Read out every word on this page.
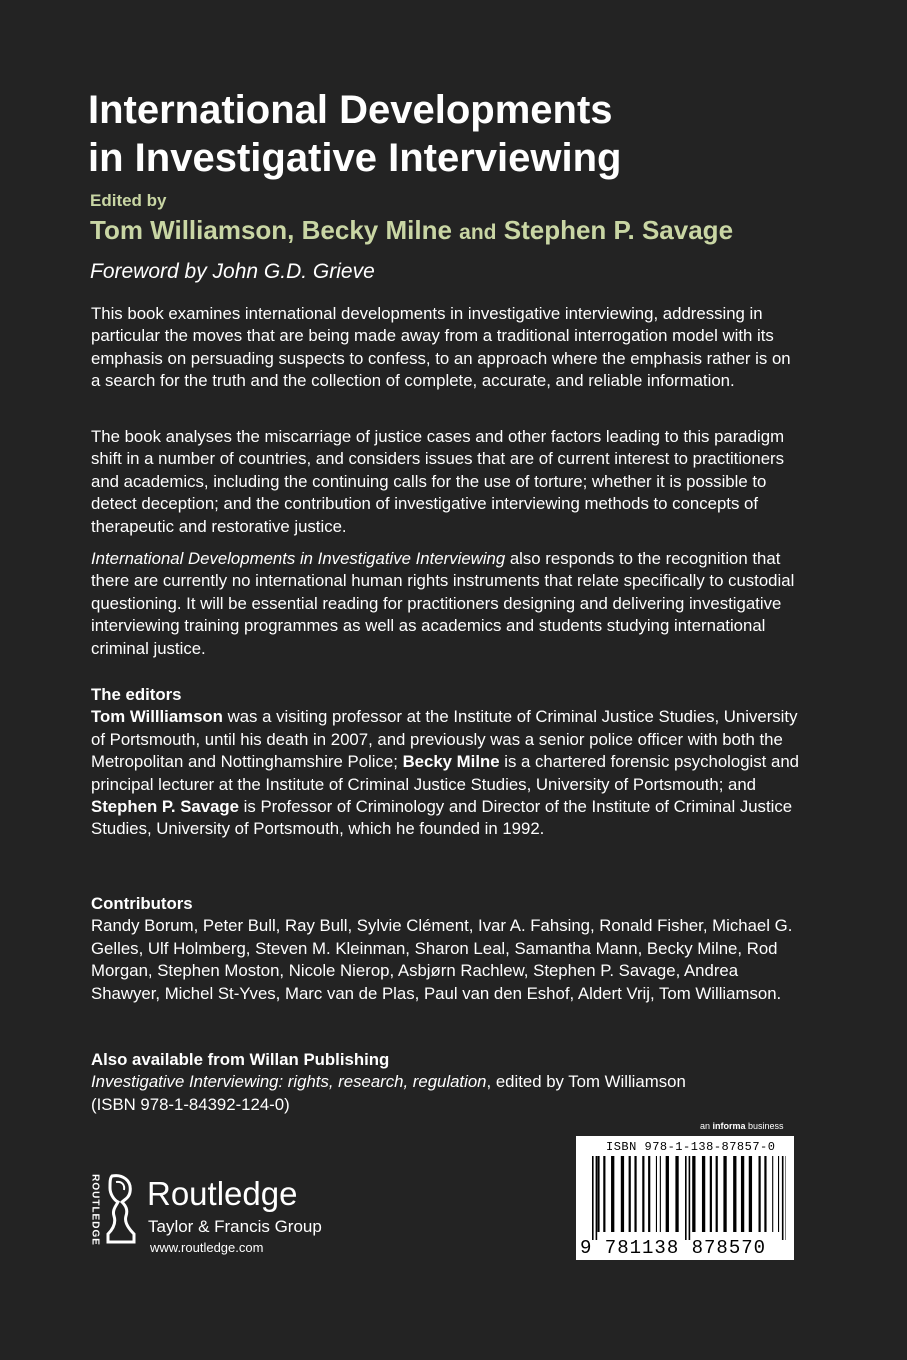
International Developments
in Investigative Interviewing
Edited by
Tom Williamson, Becky Milne and Stephen P. Savage
Foreword by John G.D. Grieve

This book examines international developments in investigative interviewing, addressing in particular the moves that are being made away from a traditional interrogation model with its emphasis on persuading suspects to confess, to an approach where the emphasis rather is on a search for the truth and the collection of complete, accurate, and reliable information.

The book analyses the miscarriage of justice cases and other factors leading to this paradigm shift in a number of countries, and considers issues that are of current interest to practitioners and academics, including the continuing calls for the use of torture; whether it is possible to detect deception; and the contribution of investigative interviewing methods to concepts of therapeutic and restorative justice.

International Developments in Investigative Interviewing also responds to the recognition that there are currently no international human rights instruments that relate specifically to custodial questioning. It will be essential reading for practitioners designing and delivering investigative interviewing training programmes as well as academics and students studying international criminal justice.

The editors
Tom Willliamson was a visiting professor at the Institute of Criminal Justice Studies, University of Portsmouth, until his death in 2007, and previously was a senior police officer with both the Metropolitan and Nottinghamshire Police; Becky Milne is a chartered forensic psychologist and principal lecturer at the Institute of Criminal Justice Studies, University of Portsmouth; and Stephen P. Savage is Professor of Criminology and Director of the Institute of Criminal Justice Studies, University of Portsmouth, which he founded in 1992.
Contributors
Randy Borum, Peter Bull, Ray Bull, Sylvie Clément, Ivar A. Fahsing, Ronald Fisher, Michael G. Gelles, Ulf Holmberg, Steven M. Kleinman, Sharon Leal, Samantha Mann, Becky Milne, Rod Morgan, Stephen Moston, Nicole Nierop, Asbjørn Rachlew, Stephen P. Savage, Andrea Shawyer, Michel St-Yves, Marc van de Plas, Paul van den Eshof, Aldert Vrij, Tom Williamson.
Also available from Willan Publishing
Investigative Interviewing: rights, research, regulation, edited by Tom Williamson
(ISBN 978-1-84392-124-0)
ROUTLEDGE Routledge
Taylor & Francis Group
www.routledge.com
an informa business
ISBN 978-1-138-87857-0
9 781138 878570
